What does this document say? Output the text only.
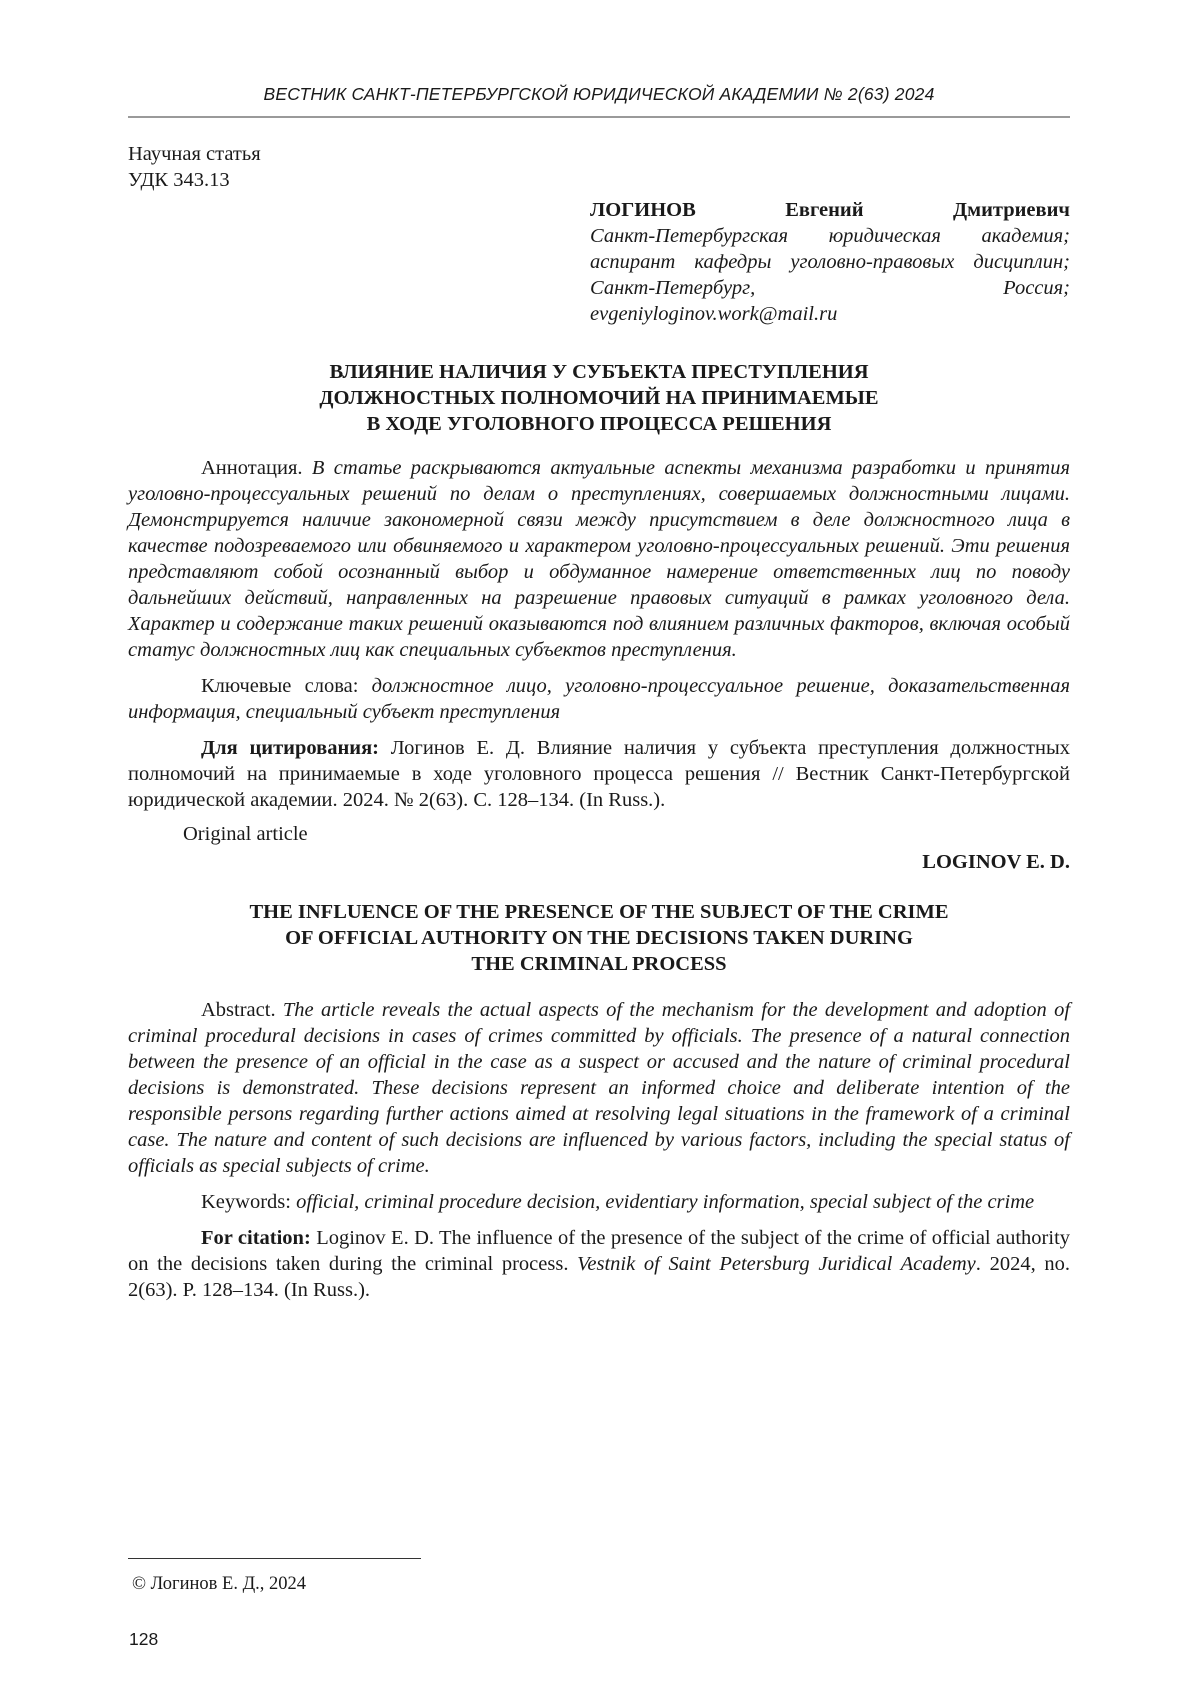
ВЕСТНИК САНКТ-ПЕТЕРБУРГСКОЙ ЮРИДИЧЕСКОЙ АКАДЕМИИ № 2(63) 2024

Научная статья

УДК 343.13

ЛОГИНОВ	Евгений	Дмитриевич

Санкт-Петербургская юридическая академия; аспирант кафедры уголовно-правовых дисциплин; Санкт-Петербург, Россия; evgeniyloginov.work@mail.ru

ВЛИЯНИЕ НАЛИЧИЯ У СУБЪЕКТА ПРЕСТУПЛЕНИЯ
ДОЛЖНОСТНЫХ ПОЛНОМОЧИЙ НА ПРИНИМАЕМЫЕ
В ХОДЕ УГОЛОВНОГО ПРОЦЕССА РЕШЕНИЯ

Аннотация. В статье раскрываются актуальные аспекты механизма разработки и принятия уголовно-процессуальных решений по делам о преступлениях, совершаемых должностными лицами. Демонстрируется наличие закономерной связи между присутствием в деле должностного лица в качестве подозреваемого или обвиняемого и характером уголовно-процессуальных решений. Эти решения представляют собой осознанный выбор и обдуманное намерение ответственных лиц по поводу дальнейших действий, направленных на разрешение правовых ситуаций в рамках уголовного дела. Характер и содержание таких решений оказываются под влиянием различных факторов, включая особый статус должностных лиц как специальных субъектов преступления.

Ключевые слова: должностное лицо, уголовно-процессуальное решение, доказательственная информация, специальный субъект преступления

Для цитирования: Логинов Е. Д. Влияние наличия у субъекта преступления должностных полномочий на принимаемые в ходе уголовного процесса решения // Вестник Санкт-Петербургской юридической академии. 2024. № 2(63). С. 128–134. (In Russ.).

Original article

LOGINOV E. D.

THE INFLUENCE OF THE PRESENCE OF THE SUBJECT OF THE CRIME
OF OFFICIAL AUTHORITY ON THE DECISIONS TAKEN DURING
THE CRIMINAL PROCESS

Abstract. The article reveals the actual aspects of the mechanism for the development and adoption of criminal procedural decisions in cases of crimes committed by officials. The presence of a natural connection between the presence of an official in the case as a suspect or accused and the nature of criminal procedural decisions is demonstrated. These decisions represent an informed choice and deliberate intention of the responsible persons regarding further actions aimed at resolving legal situations in the framework of a criminal case. The nature and content of such decisions are influenced by various factors, including the special status of officials as special subjects of crime.

Keywords: official, criminal procedure decision, evidentiary information, special subject of the crime

For citation: Loginov E. D. The influence of the presence of the subject of the crime of official authority on the decisions taken during the criminal process. Vestnik of Saint Petersburg Juridical Academy. 2024, no. 2(63). P. 128–134. (In Russ.).

© Логинов Е. Д., 2024
128
